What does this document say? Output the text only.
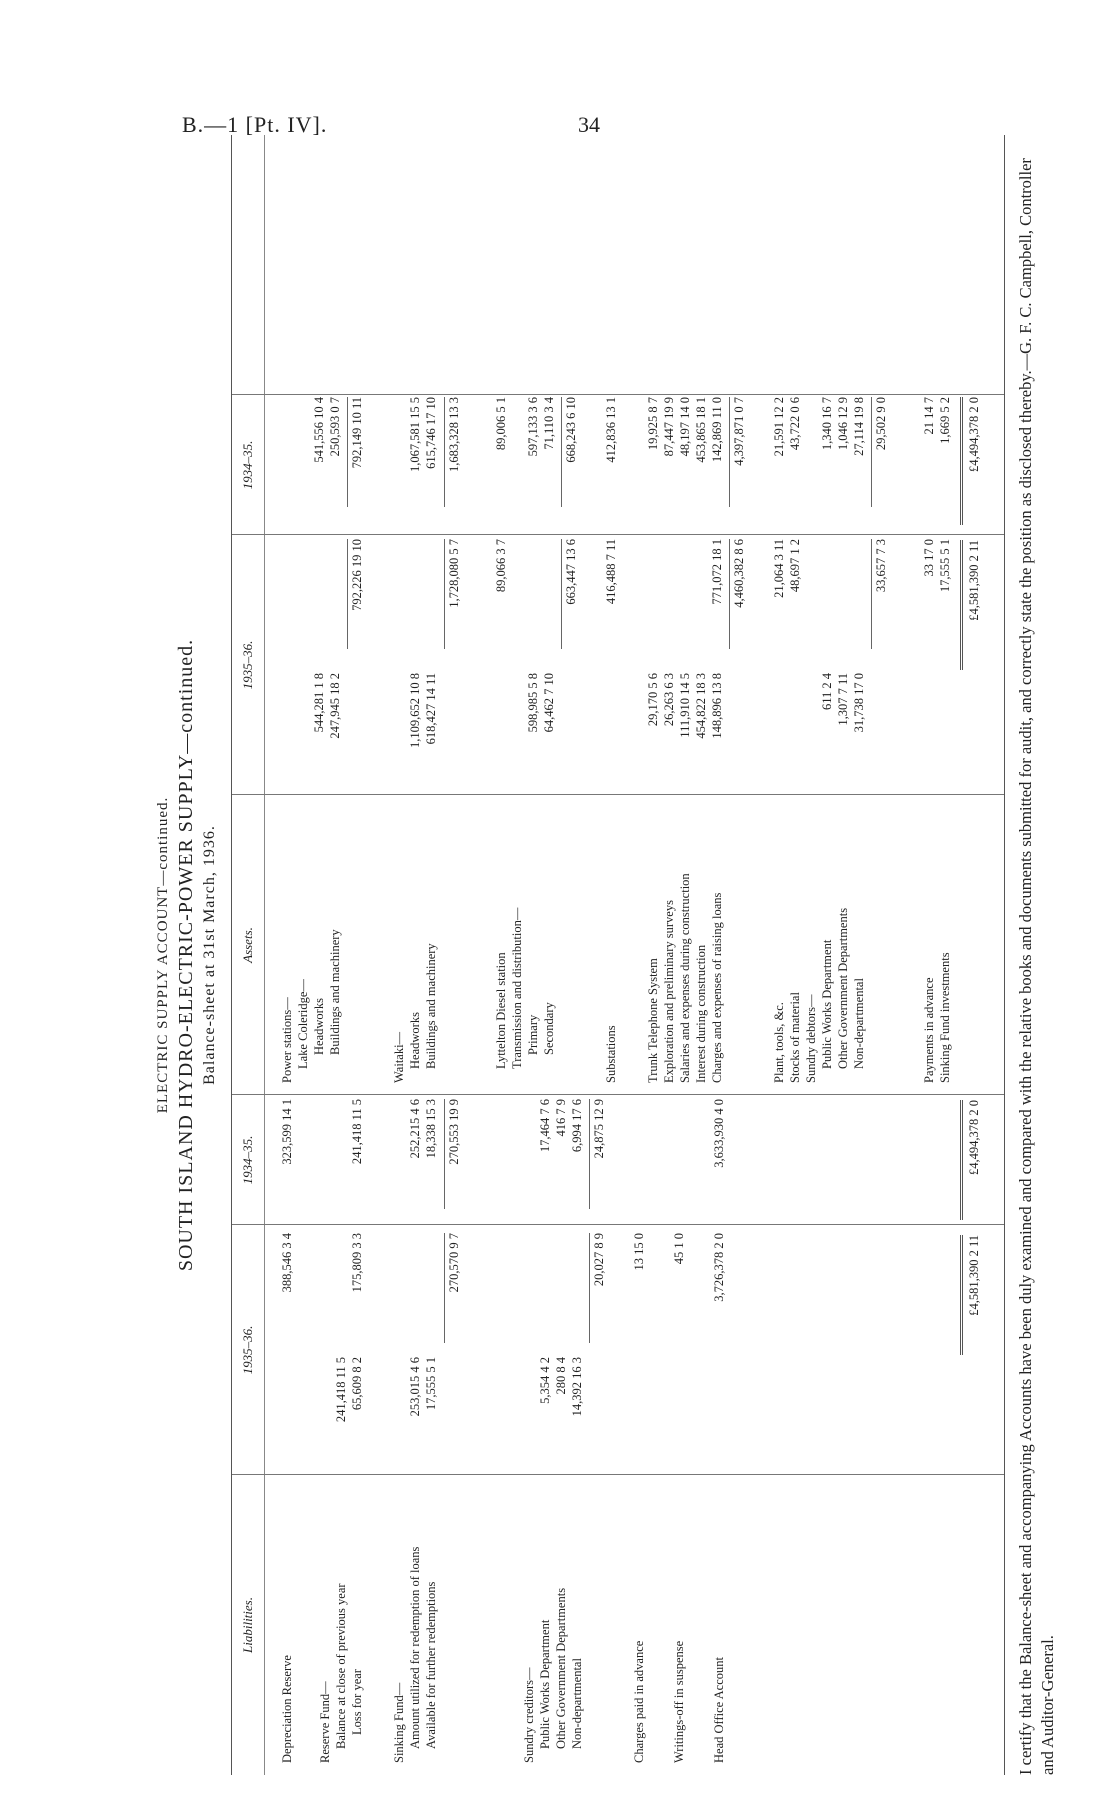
B.—1 [Pt. IV].	34
ELECTRIC SUPPLY ACCOUNT—continued. SOUTH ISLAND HYDRO-ELECTRIC-POWER SUPPLY—continued. Balance-sheet at 31st March, 1936.
Liabilities.
1935–36.
1934–35.
Assets.
1935–36.
1934–35.
Depreciation Reserve
388,546 3 4
323,599 14 1
Reserve Fund— Balance at close of previous year
241,418 11 5
Loss for year
65,609 8 2
175,809 3 3
241,418 11 5
Sinking Fund— Amount utilized for redemption of loans
253,015 4 6
252,215 4 6
Available for further redemptions
17,555 5 1
18,338 15 3
270,570 9 7
270,553 19 9
Sundry creditors— Public Works Department
5,354 4 2
17,464 7 6
Other Government Departments
280 8 4
416 7 9
Non-departmental
14,392 16 3
6,994 17 6
20,027 8 9
24,875 12 9
Charges paid in advance
13 15 0
Writings-off in suspense
45 1 0
Head Office Account
3,726,378 2 0
3,633,930 4 0
Power stations— Lake Coleridge— Headworks
544,281 1 8
541,556 10 4
Buildings and machinery
247,945 18 2
250,593 0 7
792,226 19 10
792,149 10 11
Waitaki— Headworks
1,109,652 10 8
1,067,581 15 5
Buildings and machinery
618,427 14 11
615,746 17 10
1,728,080 5 7
1,683,328 13 3
Lyttelton Diesel station
89,066 3 7
89,006 5 1
Transmission and distribution— Primary
598,985 5 8
597,133 3 6
Secondary
64,462 7 10
71,110 3 4
663,447 13 6
668,243 6 10
Substations
416,488 7 11
412,836 13 1
Trunk Telephone System
29,170 5 6
19,925 8 7
Exploration and preliminary surveys
26,263 6 3
87,447 19 9
Salaries and expenses during construction
111,910 14 5
48,197 14 0
Interest during construction
454,822 18 3
453,865 18 1
Charges and expenses of raising loans
148,896 13 8
771,072 18 1
142,869 11 0
4,460,382 8 6
4,397,871 0 7
Plant, tools, &c.
21,064 3 11
21,591 12 2
Stocks of material
48,697 1 2
43,722 0 6
Sundry debtors— Public Works Department
611 2 4
1,340 16 7
Other Government Departments
1,307 7 11
1,046 12 9
Non-departmental
31,738 17 0
27,114 19 8
33,657 7 3
29,502 9 0
Payments in advance
33 17 0
21 14 7
Sinking Fund investments
17,555 5 1
1,669 5 2
£4,581,390 2 11
£4,494,378 2 0
£4,581,390 2 11
£4,494,378 2 0 I certify that the Balance-sheet and accompanying Accounts have been duly examined and compared with the relative books and documents submitted for audit, and correctly state the position as disclosed thereby.—G. F. C. Campbell, Controller and Auditor-General.
